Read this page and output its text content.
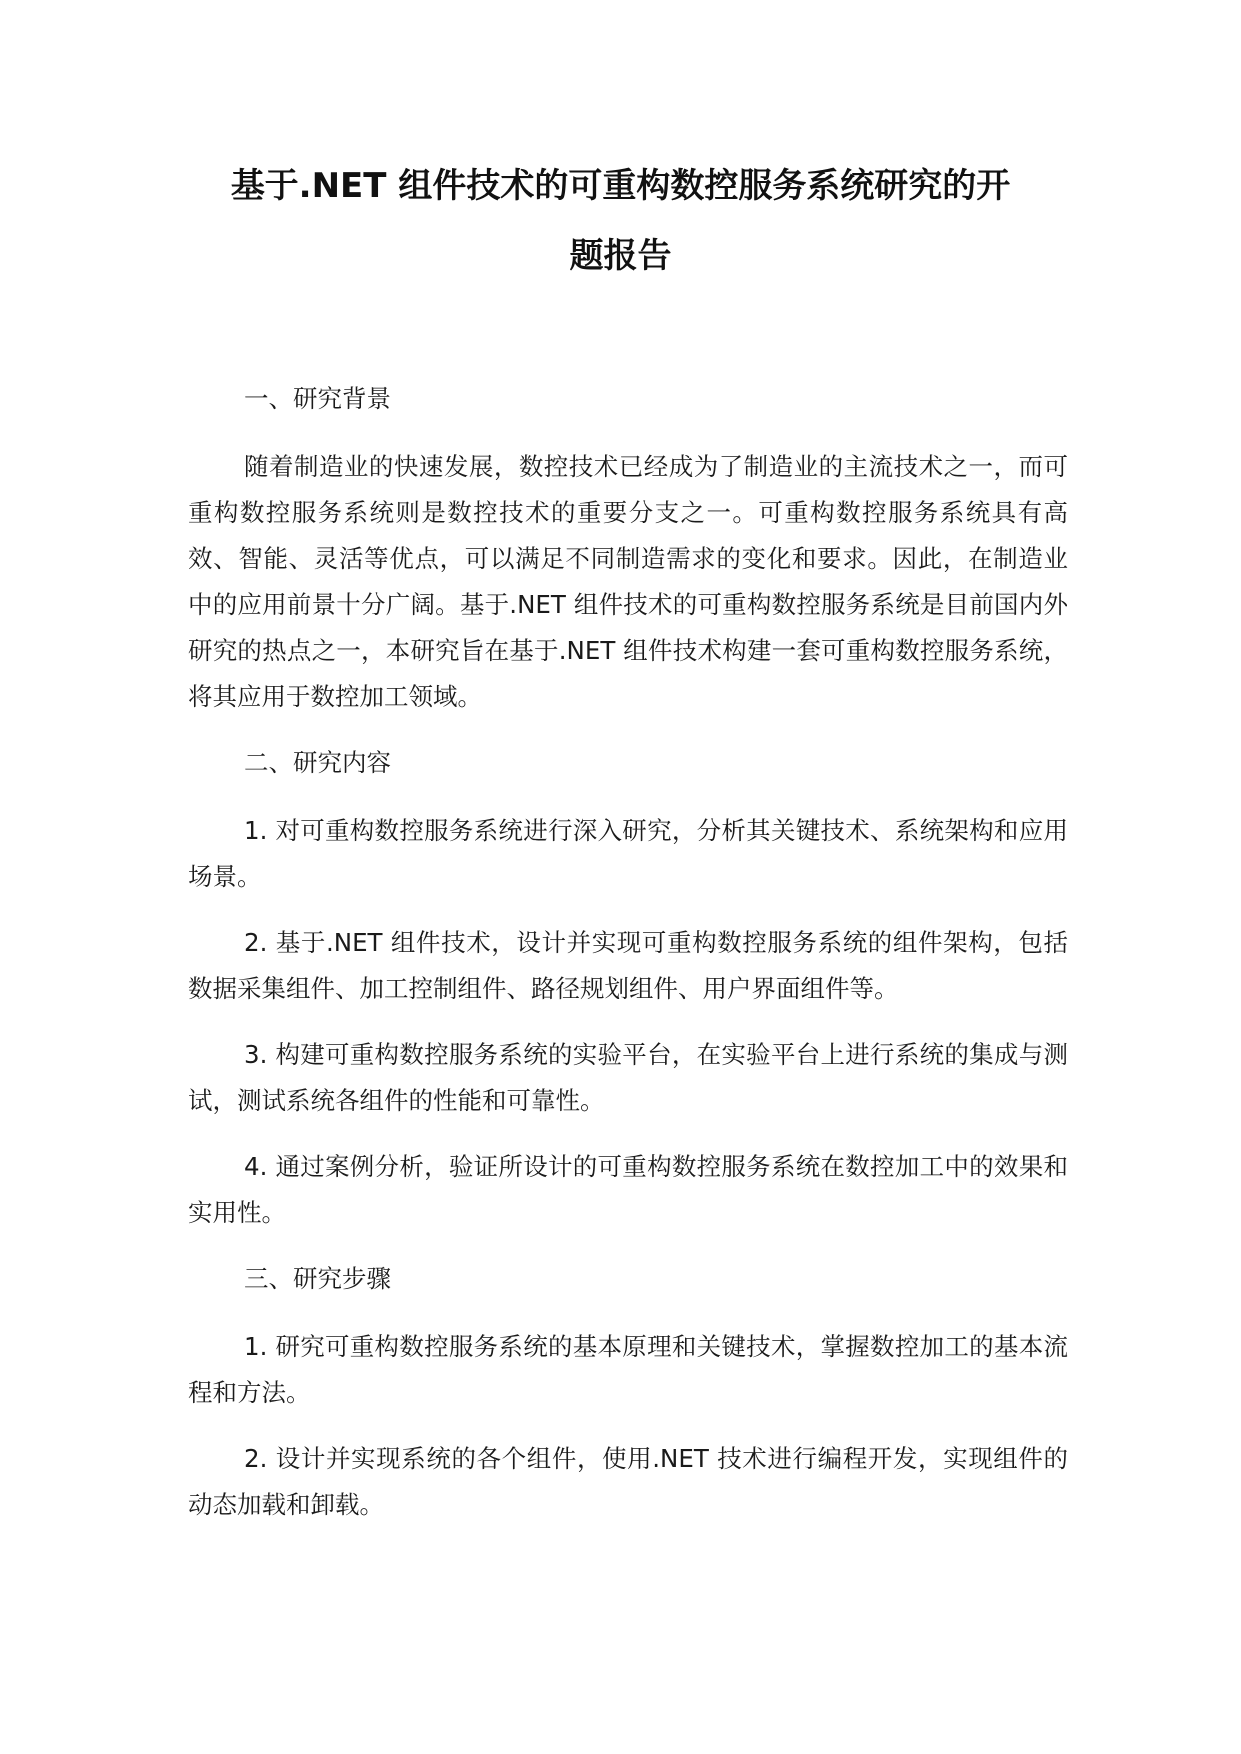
基于.NET 组件技术的可重构数控服务系统研究的开
题报告

一、研究背景

随着制造业的快速发展，数控技术已经成为了制造业的主流技术之一，而可重构数控服务系统则是数控技术的重要分支之一。可重构数控服务系统具有高效、智能、灵活等优点，可以满足不同制造需求的变化和要求。因此，在制造业中的应用前景十分广阔。基于.NET 组件技术的可重构数控服务系统是目前国内外研究的热点之一，本研究旨在基于.NET 组件技术构建一套可重构数控服务系统，将其应用于数控加工领域。

二、研究内容

1. 对可重构数控服务系统进行深入研究，分析其关键技术、系统架构和应用场景。

2. 基于.NET 组件技术，设计并实现可重构数控服务系统的组件架构，包括数据采集组件、加工控制组件、路径规划组件、用户界面组件等。

3. 构建可重构数控服务系统的实验平台，在实验平台上进行系统的集成与测试，测试系统各组件的性能和可靠性。

4. 通过案例分析，验证所设计的可重构数控服务系统在数控加工中的效果和实用性。

三、研究步骤

1. 研究可重构数控服务系统的基本原理和关键技术，掌握数控加工的基本流程和方法。

2. 设计并实现系统的各个组件，使用.NET 技术进行编程开发，实现组件的动态加载和卸载。
